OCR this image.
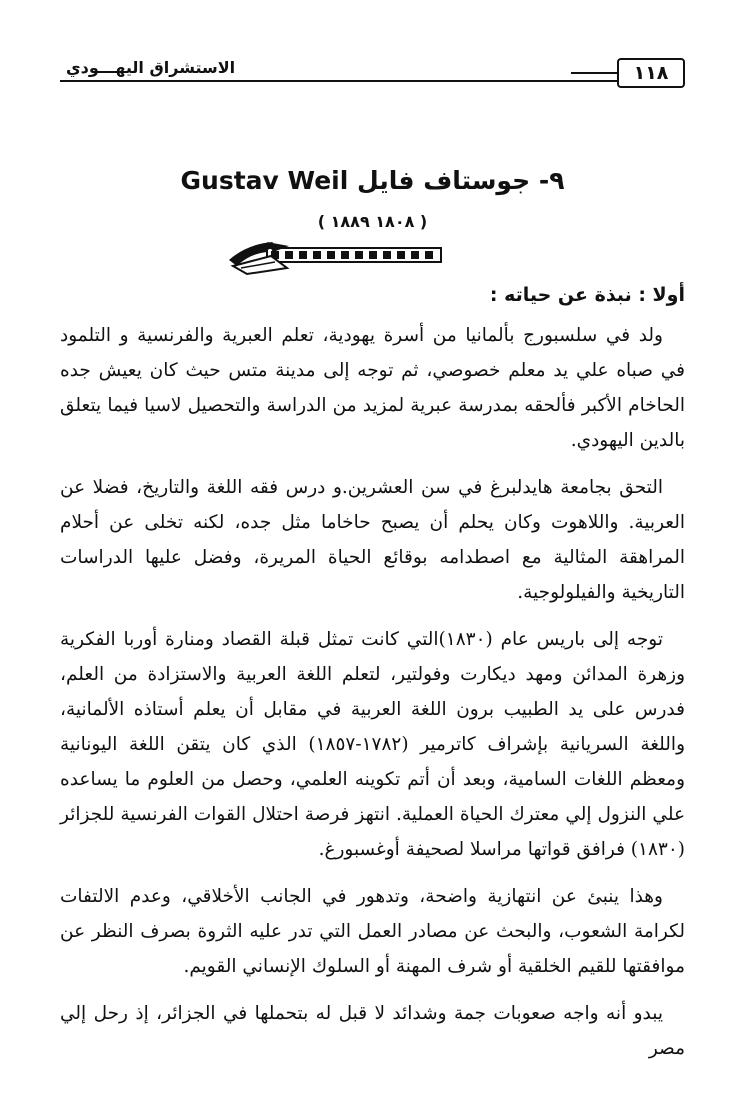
١١٨
الاستشراق اليهـــودي
٩- جوستاف فايل Gustav Weil
( ١٨٠٨ ١٨٨٩ )
أولا : نبذة عن حياته :

ولد في سلسبورج بألمانيا من أسرة يهودية، تعلم العبرية والفرنسية و التلمود في صباه علي يد معلم خصوصي، ثم توجه إلى مدينة متس حيث كان يعيش جده الحاخام الأكبر فألحقه بمدرسة عبرية لمزيد من الدراسة والتحصيل لاسيا فيما يتعلق بالدين اليهودي.

التحق بجامعة هايدلبرغ في سن العشرين.و درس فقه اللغة والتاريخ، فضلا عن العربية. واللاهوت وكان يحلم أن يصبح حاخاما مثل جده، لكنه تخلى عن أحلام المراهقة المثالية مع اصطدامه بوقائع الحياة المريرة، وفضل عليها الدراسات التاريخية والفيلولوجية.

توجه إلى باريس عام (١٨٣٠)التي كانت تمثل قبلة القصاد ومنارة أوربا الفكرية وزهرة المدائن ومهد ديكارت وفولتير، لتعلم اللغة العربية والاستزادة من العلم، فدرس على يد الطبيب برون اللغة العربية في مقابل أن يعلم أستاذه الألمانية، واللغة السريانية بإشراف كاترمير (١٧٨٢-١٨٥٧) الذي كان يتقن اللغة اليونانية ومعظم اللغات السامية، وبعد أن أتم تكوينه العلمي، وحصل من العلوم ما يساعده علي النزول إلي معترك الحياة العملية. انتهز فرصة احتلال القوات الفرنسية للجزائر (١٨٣٠) فرافق قواتها مراسلا لصحيفة أوغسبورغ.

وهذا ينبئ عن انتهازية واضحة، وتدهور في الجانب الأخلاقي، وعدم الالتفات لكرامة الشعوب، والبحث عن مصادر العمل التي تدر عليه الثروة بصرف النظر عن موافقتها للقيم الخلقية أو شرف المهنة أو السلوك الإنساني القويم.

يبدو أنه واجه صعوبات جمة وشدائد لا قبل له بتحملها في الجزائر، إذ رحل إلي مصر
